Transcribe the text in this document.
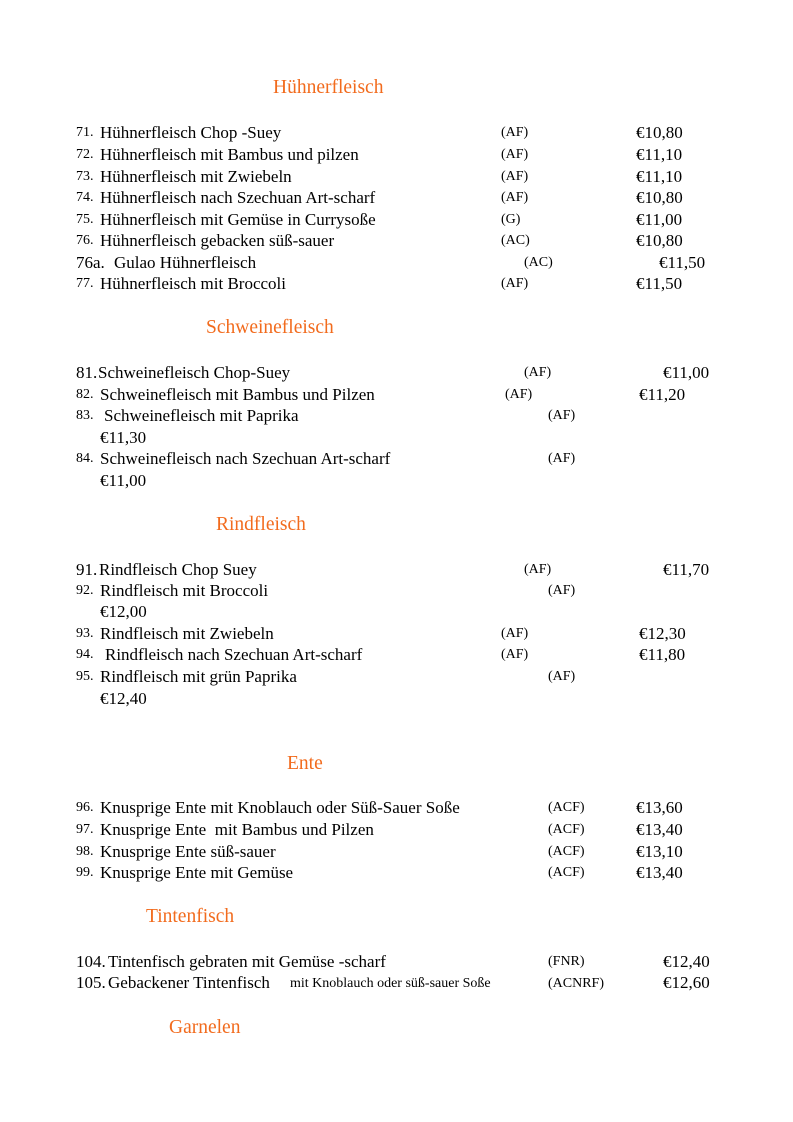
Hühnerfleisch
71. Hühnerfleisch Chop -Suey	(AF)	€10,80
72. Hühnerfleisch mit Bambus und pilzen	(AF)	€11,10
73. Hühnerfleisch mit Zwiebeln	(AF)	€11,10
74. Hühnerfleisch nach Szechuan Art-scharf	(AF)	€10,80
75. Hühnerfleisch mit Gemüse in Currysoße	(G)	€11,00
76. Hühnerfleisch gebacken süß-sauer	(AC)	€10,80
76a. Gulao Hühnerfleisch	(AC)	€11,50
77. Hühnerfleisch mit Broccoli	(AF)	€11,50
Schweinefleisch
81. Schweinefleisch Chop-Suey	(AF)	€11,00
82. Schweinefleisch mit Bambus und Pilzen	(AF)	€11,20
83. Schweinefleisch mit Paprika	(AF)
€11,30
84. Schweinefleisch nach Szechuan Art-scharf	(AF)
€11,00
Rindfleisch
91. Rindfleisch Chop Suey	(AF)	€11,70
92. Rindfleisch mit Broccoli	(AF)
€12,00
93. Rindfleisch mit Zwiebeln	(AF)	€12,30
94. Rindfleisch nach Szechuan Art-scharf	(AF)	€11,80
95. Rindfleisch mit grün Paprika	(AF)
€12,40
Ente
96. Knusprige Ente mit Knoblauch oder Süß-Sauer Soße	(ACF)	€13,60
97. Knusprige Ente  mit Bambus und Pilzen	(ACF)	€13,40
98. Knusprige Ente süß-sauer	(ACF)	€13,10
99. Knusprige Ente mit Gemüse	(ACF)	€13,40
Tintenfisch
104. Tintenfisch gebraten mit Gemüse -scharf	(FNR)	€12,40
105. Gebackener Tintenfisch mit Knoblauch oder süß-sauer Soße	(ACNRF)	€12,60
Garnelen
